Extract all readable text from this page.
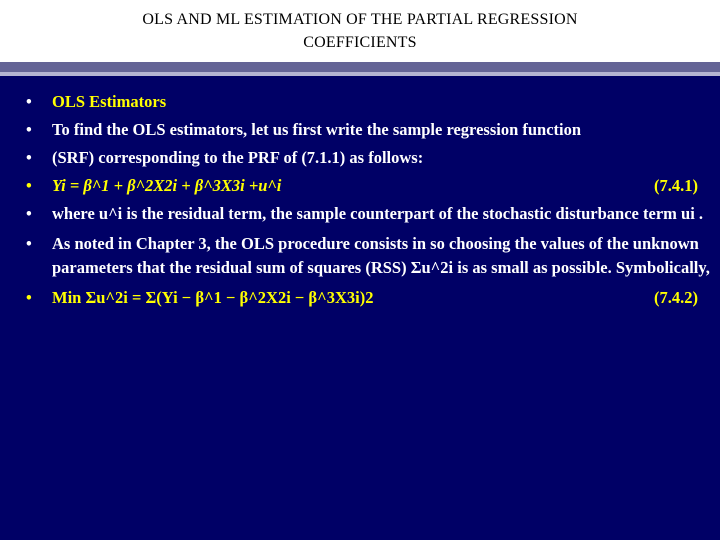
OLS AND ML ESTIMATION OF THE PARTIAL REGRESSION
COEFFICIENTS
•
OLS Estimators
•
To find the OLS estimators, let us first write the sample regression function
•
(SRF) corresponding to the PRF of (7.1.1) as follows:
•
Yi = β^1 + β^2X2i + β^3X3i +u^i	(7.4.1)
•
where u^i is the residual term, the sample counterpart of the stochastic disturbance term ui .
•
As noted in Chapter 3, the OLS procedure consists in so choosing the values of the unknown parameters that the residual sum of squares (RSS) Σu^2i is as small as possible. Symbolically,
•
Min Σu^2i = Σ(Yi − β^1 − β^2X2i − β^3X3i)2	(7.4.2)
